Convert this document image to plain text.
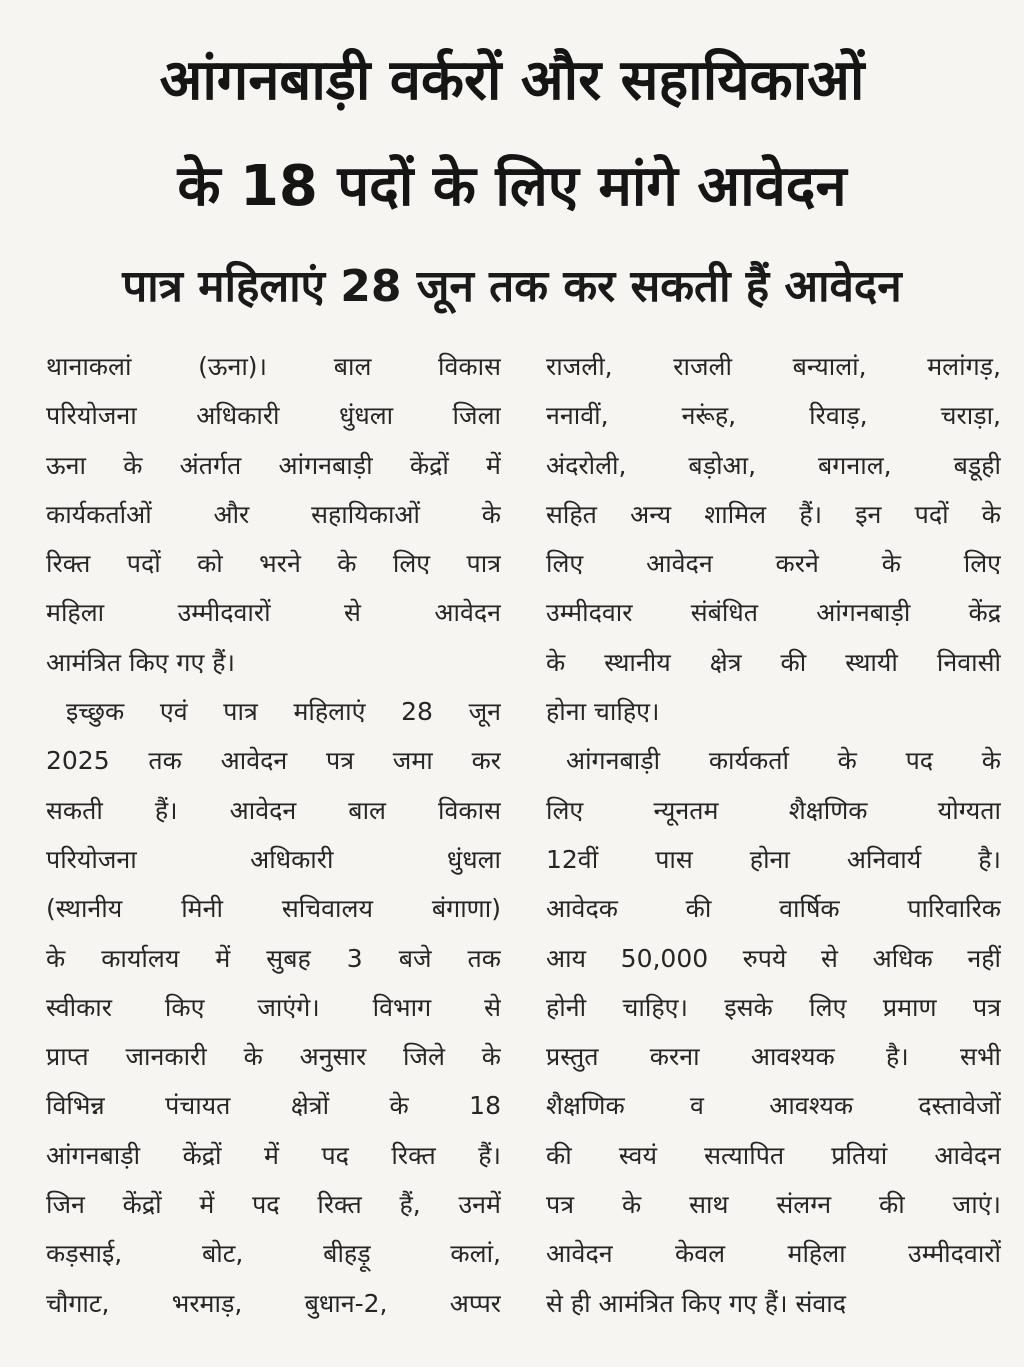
आंगनबाड़ी वर्करों और सहायिकाओं
के 18 पदों के लिए मांगे आवेदन
पात्र महिलाएं 28 जून तक कर सकती हैं आवेदन
थानाकलां (ऊना)। बाल विकास
परियोजना अधिकारी धुंधला जिला
ऊना के अंतर्गत आंगनबाड़ी केंद्रों में
कार्यकर्ताओं और सहायिकाओं के
रिक्त पदों को भरने के लिए पात्र
महिला उम्मीदवारों से आवेदन
आमंत्रित किए गए हैं।
इच्छुक एवं पात्र महिलाएं 28 जून
2025 तक आवेदन पत्र जमा कर
सकती हैं। आवेदन बाल विकास
परियोजना अधिकारी धुंधला
(स्थानीय मिनी सचिवालय बंगाणा)
के कार्यालय में सुबह 3 बजे तक
स्वीकार किए जाएंगे। विभाग से
प्राप्त जानकारी के अनुसार जिले के
विभिन्न पंचायत क्षेत्रों के 18
आंगनबाड़ी केंद्रों में पद रिक्त हैं।
जिन केंद्रों में पद रिक्त हैं, उनमें
कड़साई, बोट, बीहड़ू कलां,
चौगाट, भरमाड़, बुधान-2, अप्पर
राजली, राजली बन्यालां, मलांगड़,
ननावीं, नरूंह, रिवाड़, चराड़ा,
अंदरोली, बड़ोआ, बगनाल, बडूही
सहित अन्य शामिल हैं। इन पदों के
लिए आवेदन करने के लिए
उम्मीदवार संबंधित आंगनबाड़ी केंद्र
के स्थानीय क्षेत्र की स्थायी निवासी
होना चाहिए।
आंगनबाड़ी कार्यकर्ता के पद के
लिए न्यूनतम शैक्षणिक योग्यता
12वीं पास होना अनिवार्य है।
आवेदक की वार्षिक पारिवारिक
आय 50,000 रुपये से अधिक नहीं
होनी चाहिए। इसके लिए प्रमाण पत्र
प्रस्तुत करना आवश्यक है। सभी
शैक्षणिक व आवश्यक दस्तावेजों
की स्वयं सत्यापित प्रतियां आवेदन
पत्र के साथ संलग्न की जाएं।
आवेदन केवल महिला उम्मीदवारों
से ही आमंत्रित किए गए हैं। संवाद
